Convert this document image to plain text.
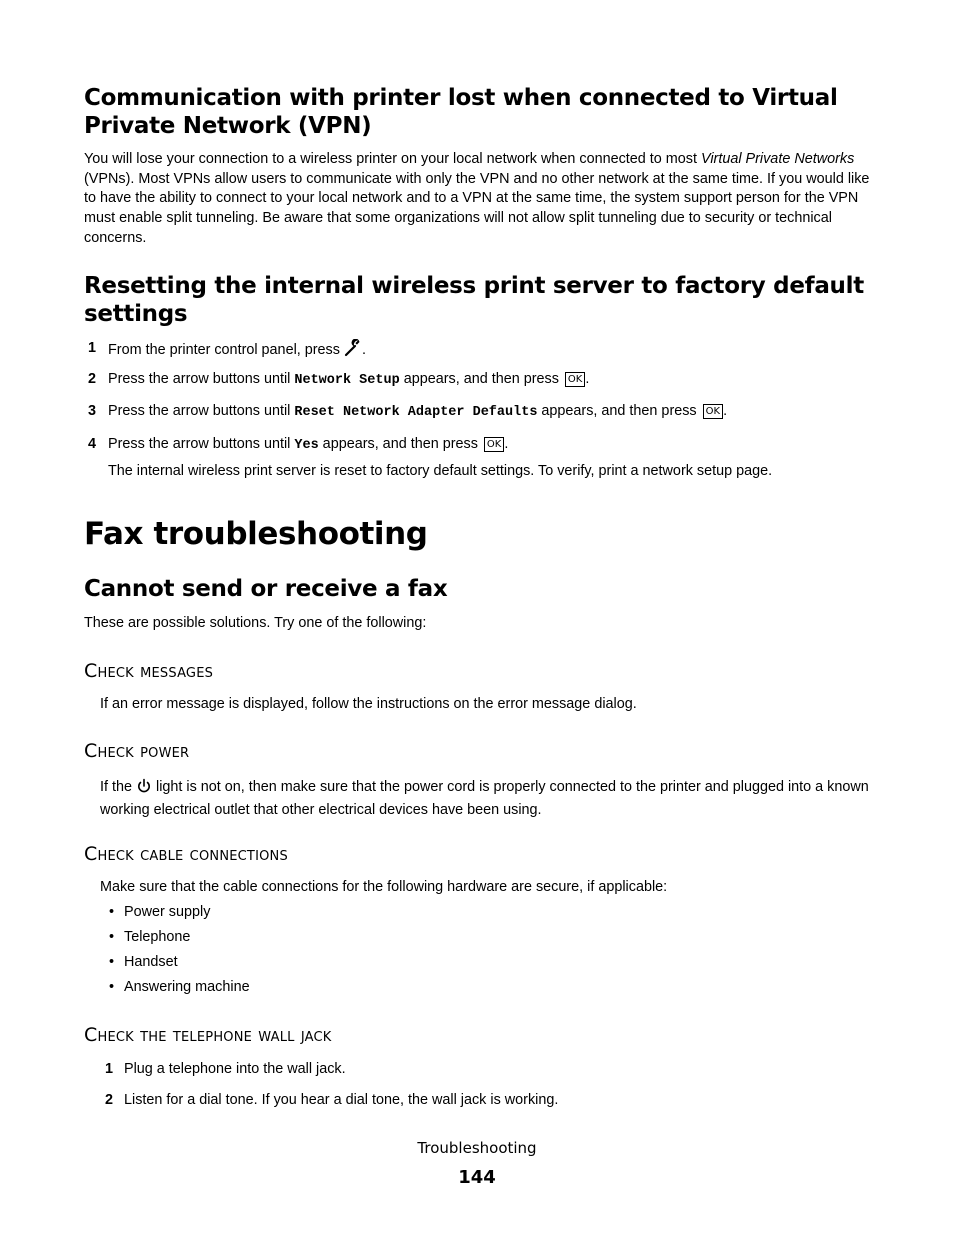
Communication with printer lost when connected to Virtual Private Network (VPN)

You will lose your connection to a wireless printer on your local network when connected to most Virtual Private Networks (VPNs). Most VPNs allow users to communicate with only the VPN and no other network at the same time. If you would like to have the ability to connect to your local network and to a VPN at the same time, the system support person for the VPN must enable split tunneling. Be aware that some organizations will not allow split tunneling due to security or technical concerns.

Resetting the internal wireless print server to factory default settings
1 From the printer control panel, press .
2 Press the arrow buttons until Network Setup appears, and then press OK .
3 Press the arrow buttons until Reset Network Adapter Defaults appears, and then press OK .
4 Press the arrow buttons until Yes appears, and then press OK .

The internal wireless print server is reset to factory default settings. To verify, print a network setup page.

Fax troubleshooting
Cannot send or receive a fax

These are possible solutions. Try one of the following:

Check messages
If an error message is displayed, follow the instructions on the error message dialog.
Check power
If the  light is not on, then make sure that the power cord is properly connected to the printer and plugged into a known working electrical outlet that other electrical devices have been using.
Check cable connections
Make sure that the cable connections for the following hardware are secure, if applicable:
• Power supply
• Telephone
• Handset
• Answering machine
Check the telephone wall jack
1 Plug a telephone into the wall jack.
2 Listen for a dial tone. If you hear a dial tone, the wall jack is working.
Troubleshooting
144
